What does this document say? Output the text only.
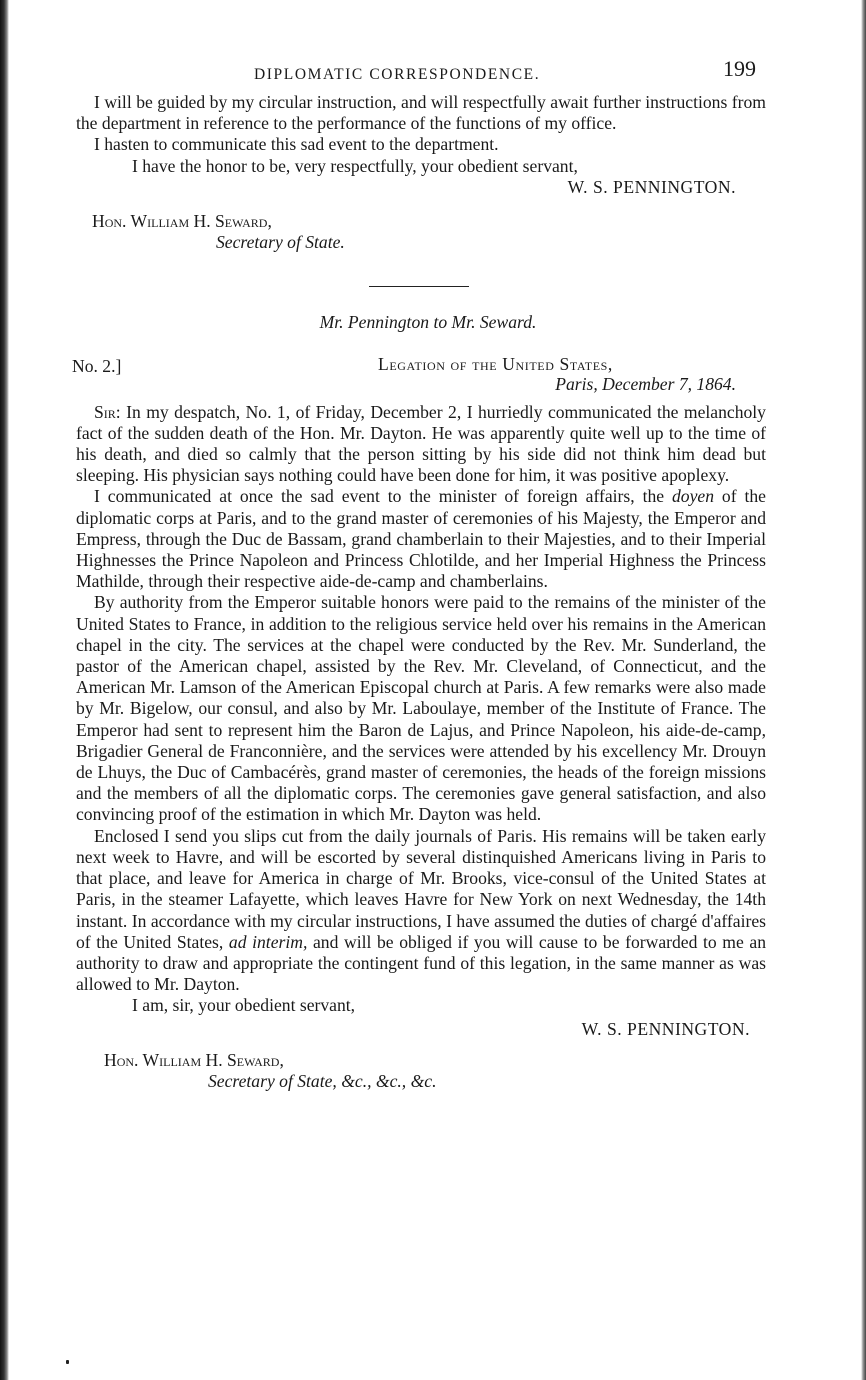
DIPLOMATIC CORRESPONDENCE.	199

I will be guided by my circular instruction, and will respectfully await further instructions from the department in reference to the performance of the functions of my office.

I hasten to communicate this sad event to the department.

I have the honor to be, very respectfully, your obedient servant,

W. S. PENNINGTON.

Hon. William H. Seward,

Secretary of State.

Mr. Pennington to Mr. Seward.

No. 2.]	Legation of the United States,
Paris, December 7, 1864.

Sir: In my despatch, No. 1, of Friday, December 2, I hurriedly communicated the melancholy fact of the sudden death of the Hon. Mr. Dayton. He was apparently quite well up to the time of his death, and died so calmly that the person sitting by his side did not think him dead but sleeping. His physician says nothing could have been done for him, it was positive apoplexy.

I communicated at once the sad event to the minister of foreign affairs, the doyen of the diplomatic corps at Paris, and to the grand master of ceremonies of his Majesty, the Emperor and Empress, through the Duc de Bassam, grand chamberlain to their Majesties, and to their Imperial Highnesses the Prince Napoleon and Princess Chlotilde, and her Imperial Highness the Princess Mathilde, through their respective aide-de-camp and chamberlains.

By authority from the Emperor suitable honors were paid to the remains of the minister of the United States to France, in addition to the religious service held over his remains in the American chapel in the city. The services at the chapel were conducted by the Rev. Mr. Sunderland, the pastor of the American chapel, assisted by the Rev. Mr. Cleveland, of Connecticut, and the American Mr. Lamson of the American Episcopal church at Paris. A few remarks were also made by Mr. Bigelow, our consul, and also by Mr. Laboulaye, member of the Institute of France. The Emperor had sent to represent him the Baron de Lajus, and Prince Napoleon, his aide-de-camp, Brigadier General de Franconnière, and the services were attended by his excellency Mr. Drouyn de Lhuys, the Duc of Cambacérès, grand master of ceremonies, the heads of the foreign missions and the members of all the diplomatic corps. The ceremonies gave general satisfaction, and also convincing proof of the estimation in which Mr. Dayton was held.

Enclosed I send you slips cut from the daily journals of Paris. His remains will be taken early next week to Havre, and will be escorted by several distinquished Americans living in Paris to that place, and leave for America in charge of Mr. Brooks, vice-consul of the United States at Paris, in the steamer Lafayette, which leaves Havre for New York on next Wednesday, the 14th instant. In accordance with my circular instructions, I have assumed the duties of chargé d'affaires of the United States, ad interim, and will be obliged if you will cause to be forwarded to me an authority to draw and appropriate the contingent fund of this legation, in the same manner as was allowed to Mr. Dayton.

I am, sir, your obedient servant,

W. S. PENNINGTON.

Hon. William H. Seward,

Secretary of State, &c., &c., &c.
